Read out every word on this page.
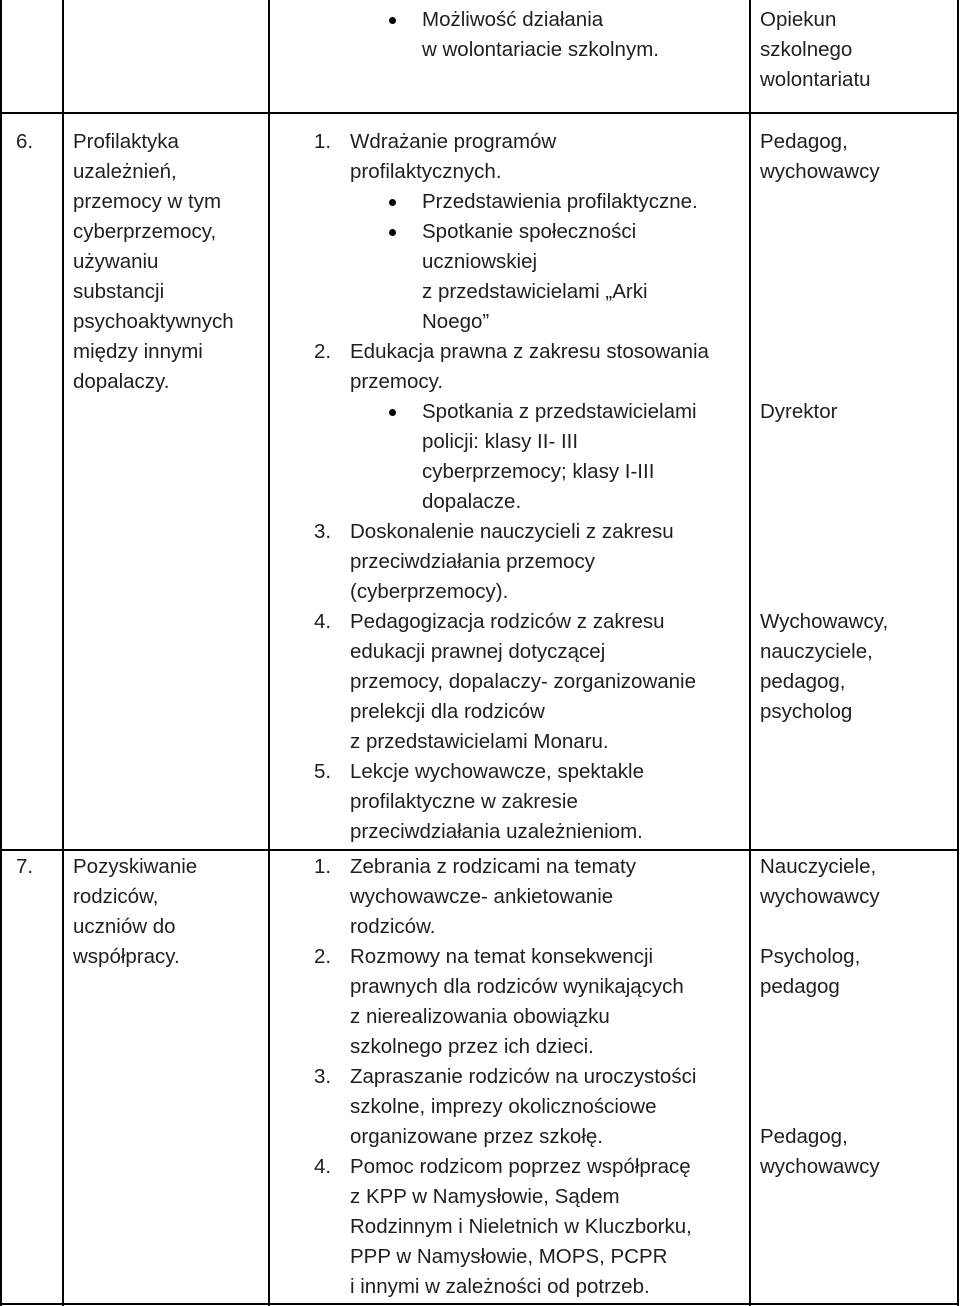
Możliwość działania
w wolontariacie szkolnym.
Opiekun
szkolnego
wolontariatu
6. Profilaktyka
uzależnień,
przemocy w tym
cyberprzemocy,
używaniu
substancji
psychoaktywnych
między innymi
dopalaczy.
1. Wdrażanie programów
profilaktycznych.
Przedstawienia profilaktyczne.
Spotkanie społeczności
uczniowskiej
z przedstawicielami „Arki
Noego”
2. Edukacja prawna z zakresu stosowania
przemocy.
Spotkania z przedstawicielami
policji: klasy II- III
cyberprzemocy; klasy I-III
dopalacze.
3. Doskonalenie nauczycieli z zakresu
przeciwdziałania przemocy
(cyberprzemocy).
4. Pedagogizacja rodziców z zakresu
edukacji prawnej dotyczącej
przemocy, dopalaczy- zorganizowanie
prelekcji dla rodziców
z przedstawicielami Monaru.
5. Lekcje wychowawcze, spektakle
profilaktyczne w zakresie
przeciwdziałania uzależnieniom.
Pedagog,
wychowawcy
Dyrektor
Wychowawcy,
nauczyciele,
pedagog,
psycholog
7. Pozyskiwanie
rodziców,
uczniów do
współpracy.
1. Zebrania z rodzicami na tematy
wychowawcze- ankietowanie
rodziców.
2. Rozmowy na temat konsekwencji
prawnych dla rodziców wynikających
z nierealizowania obowiązku
szkolnego przez ich dzieci.
3. Zapraszanie rodziców na uroczystości
szkolne, imprezy okolicznościowe
organizowane przez szkołę.
4. Pomoc rodzicom poprzez współpracę
z KPP w Namysłowie, Sądem
Rodzinnym i Nieletnich w Kluczborku,
PPP w Namysłowie, MOPS, PCPR
i innymi w zależności od potrzeb.
Nauczyciele,
wychowawcy
Psycholog,
pedagog
Pedagog,
wychowawcy
